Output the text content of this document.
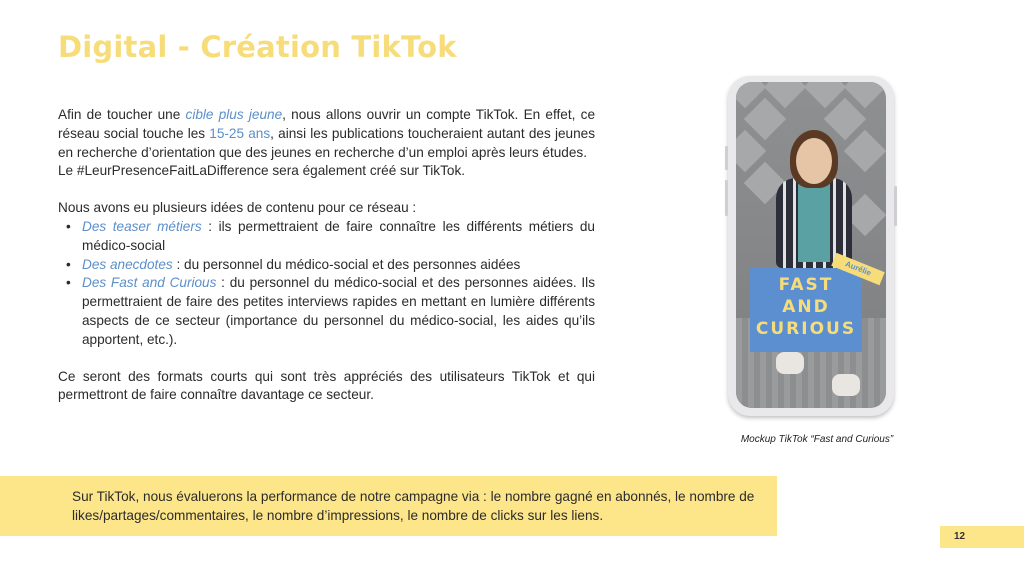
Digital - Création TikTok

Afin de toucher une cible plus jeune, nous allons ouvrir un compte TikTok. En effet, ce réseau social touche les 15-25 ans, ainsi les publications toucheraient autant des jeunes en recherche d’orientation que des jeunes en recherche d’un emploi après leurs études.

Le #LeurPresenceFaitLaDifference sera également créé sur TikTok.

Nous avons eu plusieurs idées de contenu pour ce réseau :

• Des teaser métiers : ils permettraient de faire connaître les différents métiers du médico-social
• Des anecdotes : du personnel du médico-social et des personnes aidées
• Des Fast and Curious : du personnel du médico-social et des personnes aidées. Ils permettraient de faire des petites interviews rapides en mettant en lumière différents aspects de ce secteur (importance du personnel du médico-social, les aides qu’ils apportent, etc.).

Ce seront des formats courts qui sont très appréciés des utilisateurs TikTok et qui permettront de faire connaître davantage ce secteur.

FAST
AND
CURIOUS
Aurélie
Mockup TikTok “Fast and Curious”
Sur TikTok, nous évaluerons la performance de notre campagne via : le nombre gagné en abonnés, le nombre de likes/partages/commentaires, le nombre d’impressions, le nombre de clicks sur les liens.
12
